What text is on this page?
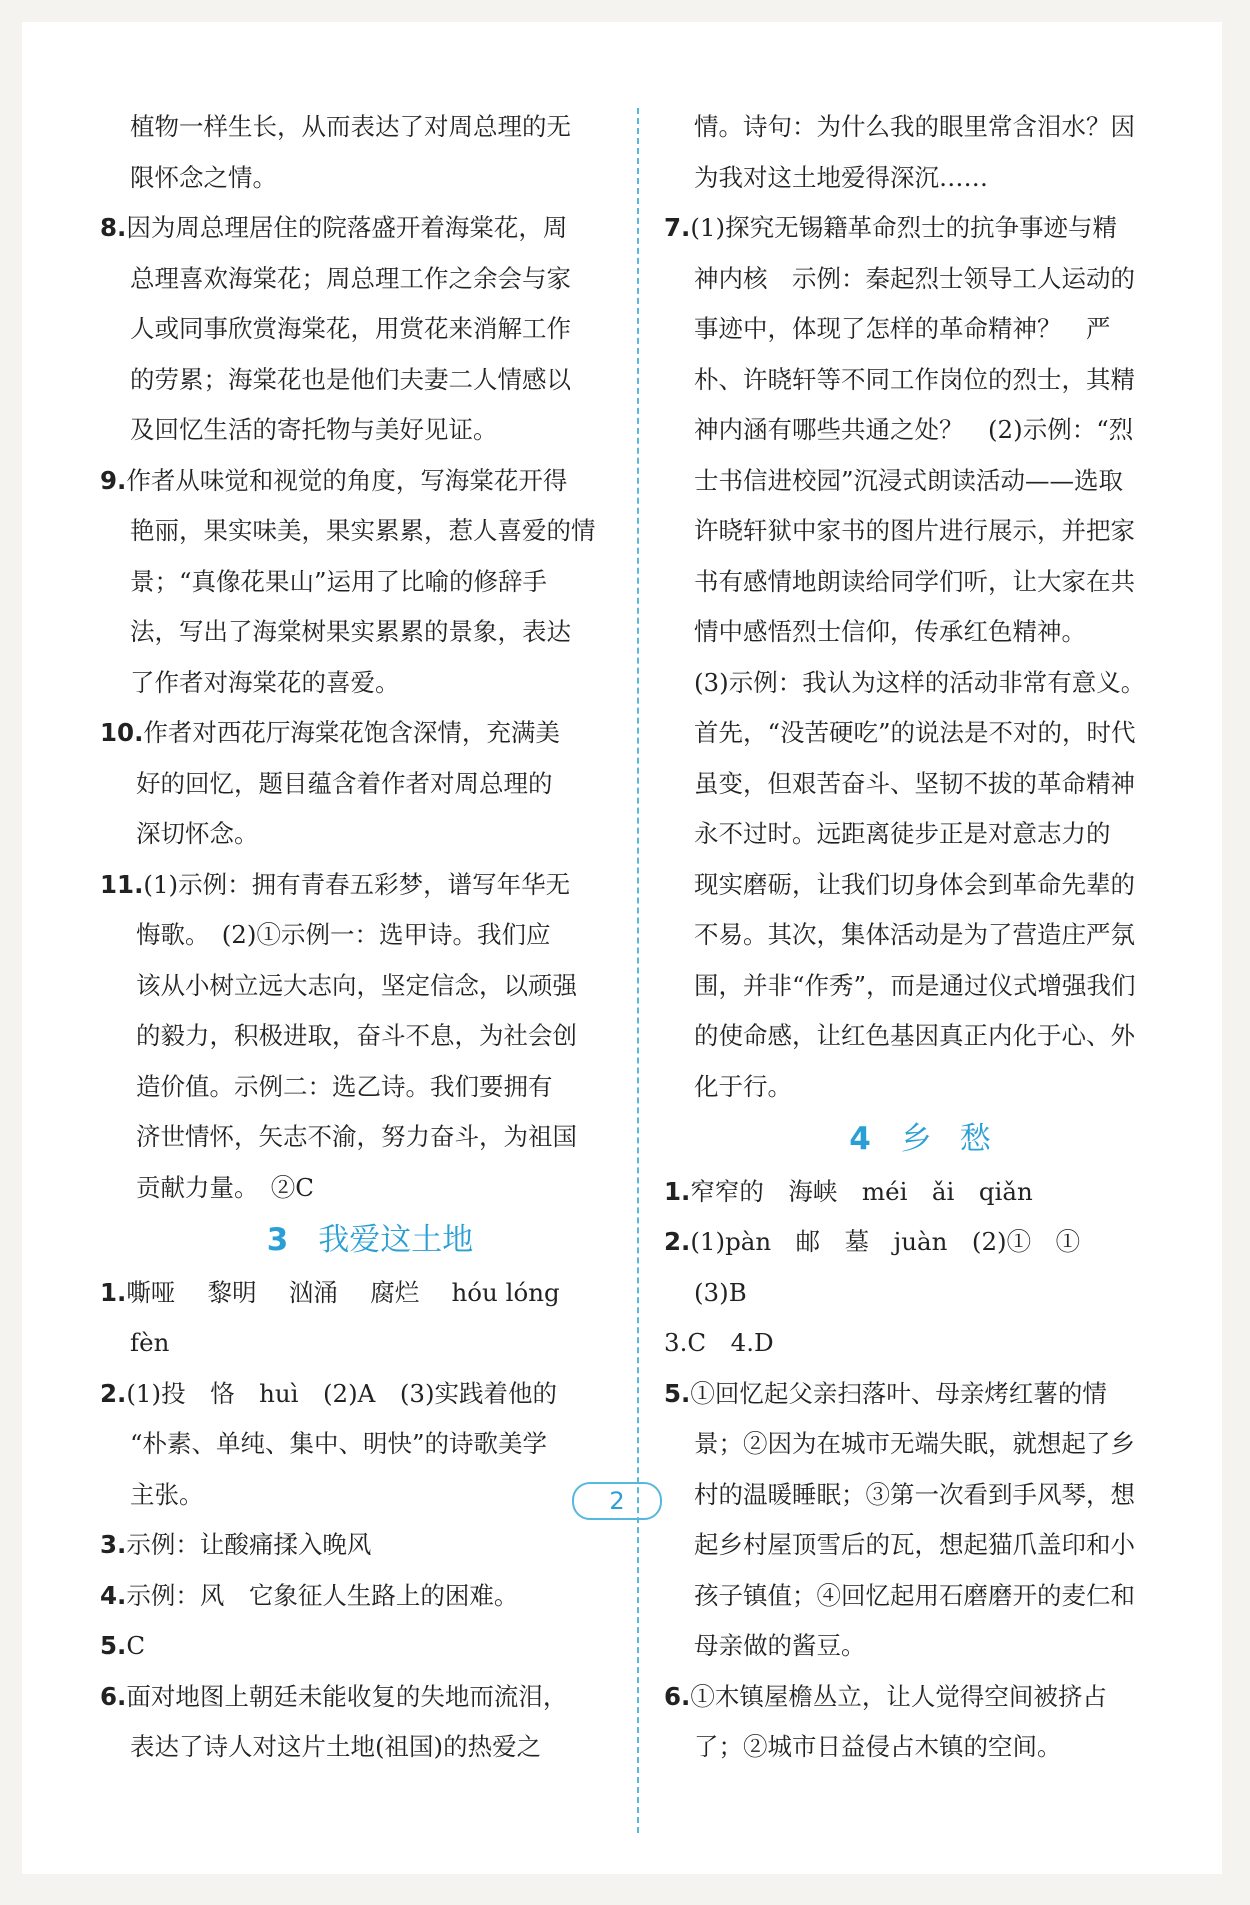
植物一样生长，从而表达了对周总理的无
限怀念之情。
8.因为周总理居住的院落盛开着海棠花，周
总理喜欢海棠花；周总理工作之余会与家
人或同事欣赏海棠花，用赏花来消解工作
的劳累；海棠花也是他们夫妻二人情感以
及回忆生活的寄托物与美好见证。
9.作者从味觉和视觉的角度，写海棠花开得
艳丽，果实味美，果实累累，惹人喜爱的情
景；“真像花果山”运用了比喻的修辞手
法，写出了海棠树果实累累的景象，表达
了作者对海棠花的喜爱。
10.作者对西花厅海棠花饱含深情，充满美
好的回忆，题目蕴含着作者对周总理的
深切怀念。
11.(1)示例：拥有青春五彩梦，谱写年华无
悔歌。　(2)①示例一：选甲诗。我们应
该从小树立远大志向，坚定信念，以顽强
的毅力，积极进取，奋斗不息，为社会创
造价值。示例二：选乙诗。我们要拥有
济世情怀，矢志不渝，努力奋斗，为祖国
贡献力量。　②C
3 我爱这土地
1.嘶哑　 黎明　 汹涌　 腐烂　 hóu lóng
fèn
2.(1)投　恪　huì　(2)A　(3)实践着他的
“朴素、单纯、集中、明快”的诗歌美学
主张。
3.示例：让酸痛揉入晚风
4.示例：风　它象征人生路上的困难。
5.C
6.面对地图上朝廷未能收复的失地而流泪，
表达了诗人对这片土地(祖国)的热爱之
情。诗句：为什么我的眼里常含泪水？因
为我对这土地爱得深沉……
7.(1)探究无锡籍革命烈士的抗争事迹与精
神内核　示例：秦起烈士领导工人运动的
事迹中，体现了怎样的革命精神？　严
朴、许晓轩等不同工作岗位的烈士，其精
神内涵有哪些共通之处？　(2)示例：“烈
士书信进校园”沉浸式朗读活动——选取
许晓轩狱中家书的图片进行展示，并把家
书有感情地朗读给同学们听，让大家在共
情中感悟烈士信仰，传承红色精神。
(3)示例：我认为这样的活动非常有意义。
首先，“没苦硬吃”的说法是不对的，时代
虽变，但艰苦奋斗、坚韧不拔的革命精神
永不过时。远距离徒步正是对意志力的
现实磨砺，让我们切身体会到革命先辈的
不易。其次，集体活动是为了营造庄严氛
围，并非“作秀”，而是通过仪式增强我们
的使命感，让红色基因真正内化于心、外
化于行。
4 乡愁
1.窄窄的　海峡　méi　ǎi　qiǎn
2.(1)pàn　邮　墓　juàn　(2)①　①
(3)B
3.C　4.D
5.①回忆起父亲扫落叶、母亲烤红薯的情
景；②因为在城市无端失眠，就想起了乡
村的温暖睡眠；③第一次看到手风琴，想
起乡村屋顶雪后的瓦，想起猫爪盖印和小
孩子镇值；④回忆起用石磨磨开的麦仁和
母亲做的酱豆。
6.①木镇屋檐丛立，让人觉得空间被挤占
了；②城市日益侵占木镇的空间。
2
